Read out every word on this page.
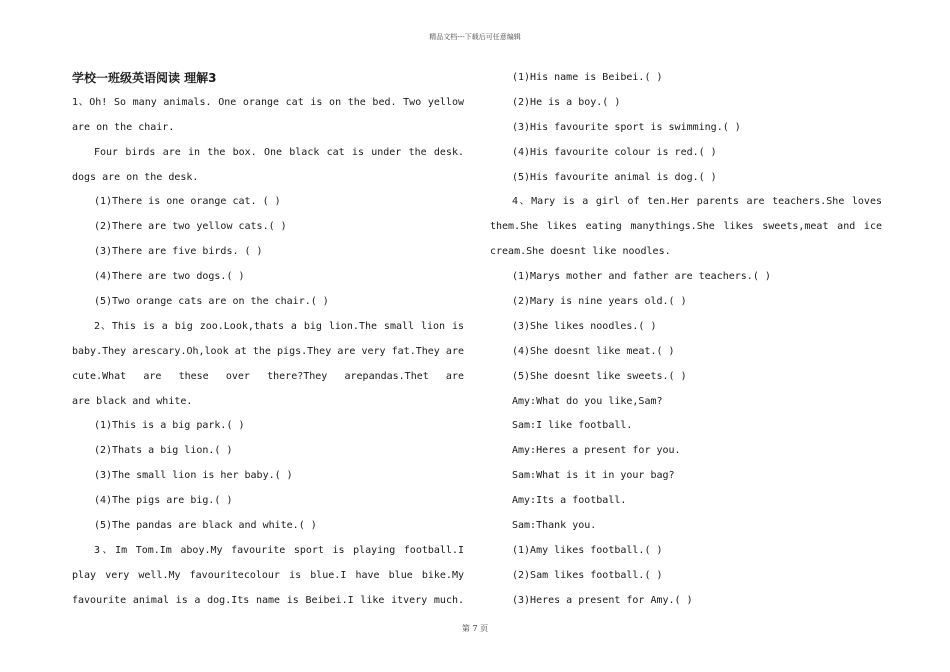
精品文档---下载后可任意编辑
学校一班级英语阅读 理解3
1、Oh! So many animals. One orange cat is on the bed. Two yellow
are on the chair.
Four birds are in the box. One black cat is under the desk.
dogs are on the desk.
(1)There is one orange cat. ( )
(2)There are two yellow cats.( )
(3)There are five birds. ( )
(4)There are two dogs.( )
(5)Two orange cats are on the chair.( )
2、This is a big zoo.Look,thats a big lion.The small lion is
baby.They arescary.Oh,look at the pigs.They are very fat.They are
cute.What are these over there?They arepandas.Thet are
are black and white.
(1)This is a big park.( )
(2)Thats a big lion.( )
(3)The small lion is her baby.( )
(4)The pigs are big.( )
(5)The pandas are black and white.( )
3、Im Tom.Im aboy.My favourite sport is playing football.I
play very well.My favouritecolour is blue.I have blue bike.My
favourite animal is a dog.Its name is Beibei.I like itvery much.
(1)His name is Beibei.( )
(2)He is a boy.( )
(3)His favourite sport is swimming.( )
(4)His favourite colour is red.( )
(5)His favourite animal is dog.( )
4、Mary is a girl of ten.Her parents are teachers.She loves
them.She likes eating manythings.She likes sweets,meat and ice
cream.She doesnt like noodles.
(1)Marys mother and father are teachers.( )
(2)Mary is nine years old.( )
(3)She likes noodles.( )
(4)She doesnt like meat.( )
(5)She doesnt like sweets.( )
Amy:What do you like,Sam?
Sam:I like football.
Amy:Heres a present for you.
Sam:What is it in your bag?
Amy:Its a football.
Sam:Thank you.
(1)Amy likes football.( )
(2)Sam likes football.( )
(3)Heres a present for Amy.( )
第 7 页
